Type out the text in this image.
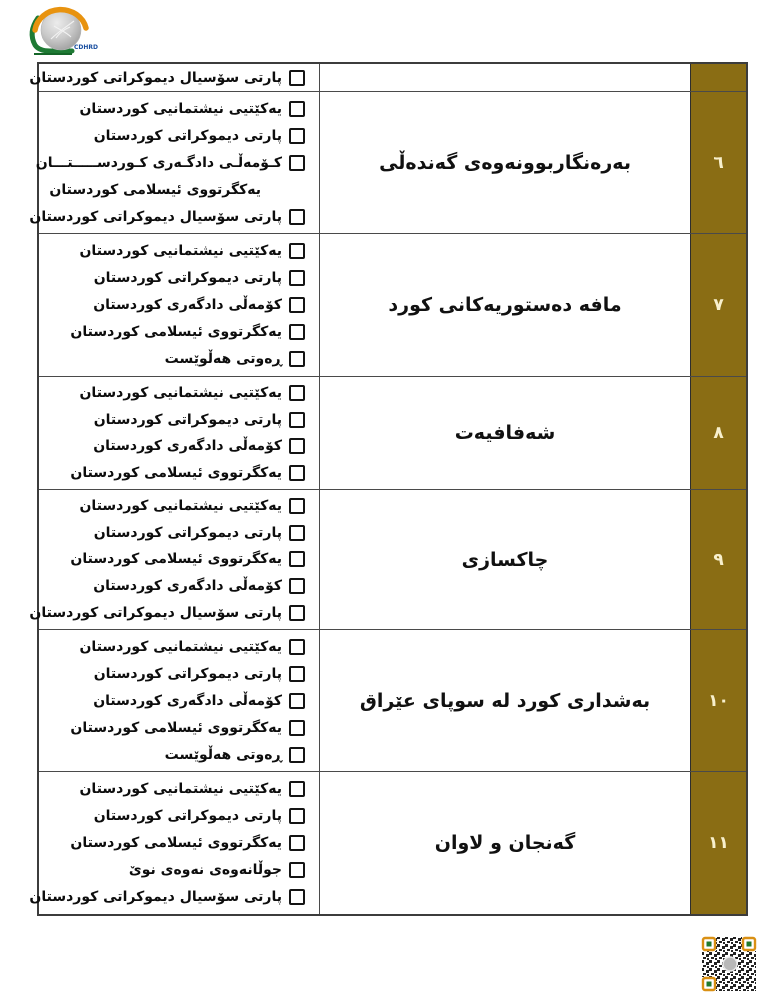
CDHRD
پارتی سۆسیال دیموکراتی کوردستان
٦
بەرەنگاربوونەوەی گەندەڵی
یەکێتیی نیشتمانیی کوردستان
پارتی دیموکراتی کوردستان
کـۆمەڵـی دادگـەری کـوردســـــتـــان
یەکگرتووی ئیسلامی کوردستان
پارتی سۆسیال دیموکراتی کوردستان
٧
مافه دەستوریەکانی کورد
یەکێتیی نیشتمانیی کوردستان
پارتی دیموکراتی کوردستان
کۆمەڵی دادگەری کوردستان
یەکگرتووی ئیسلامی کوردستان
ڕەوتی هەڵوێست
٨
شەفافیەت
یەکێتیی نیشتمانیی کوردستان
پارتی دیموکراتی کوردستان
کۆمەڵی دادگەری کوردستان
یەکگرتووی ئیسلامی کوردستان
٩
چاکسازی
یەکێتیی نیشتمانیی کوردستان
پارتی دیموکراتی کوردستان
یەکگرتووی ئیسلامی کوردستان
کۆمەڵی دادگەری کوردستان
پارتی سۆسیال دیموکراتی کوردستان
١٠
بەشداری کورد لە سوپای عێراق
یەکێتیی نیشتمانیی کوردستان
پارتی دیموکراتی کوردستان
کۆمەڵی دادگەری کوردستان
یەکگرتووی ئیسلامی کوردستان
ڕەوتی هەڵوێست
١١
گەنجان و لاوان
یەکێتیی نیشتمانیی کوردستان
پارتی دیموکراتی کوردستان
یەکگرتووی ئیسلامی کوردستان
جوڵانەوەی نەوەی نوێ
پارتی سۆسیال دیموکراتی کوردستان
